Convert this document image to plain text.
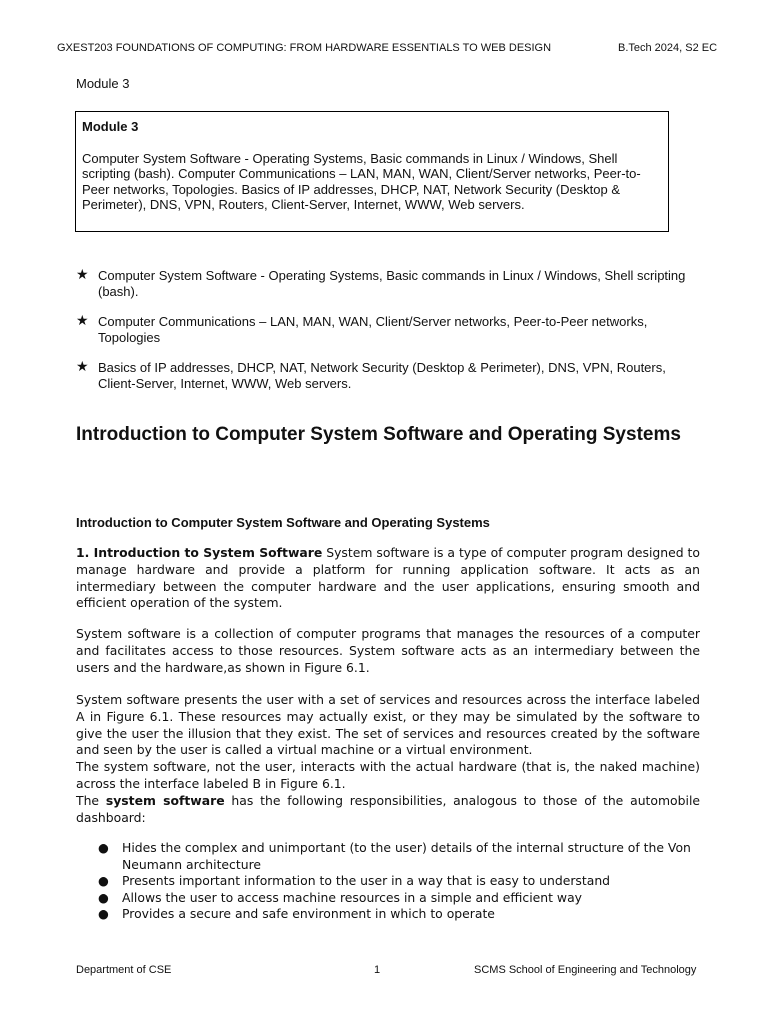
GXEST203 FOUNDATIONS OF COMPUTING: FROM HARDWARE ESSENTIALS TO WEB DESIGN	B.Tech 2024, S2 EC
Module 3
Module 3
Computer System Software - Operating Systems, Basic commands in Linux / Windows, Shell scripting (bash). Computer Communications – LAN, MAN, WAN, Client/Server networks, Peer-to-Peer networks, Topologies. Basics of IP addresses, DHCP, NAT, Network Security (Desktop & Perimeter), DNS, VPN, Routers, Client-Server, Internet, WWW, Web servers.
★ Computer System Software - Operating Systems, Basic commands in Linux / Windows, Shell scripting (bash).
★ Computer Communications – LAN, MAN, WAN, Client/Server networks, Peer-to-Peer networks, Topologies
★ Basics of IP addresses, DHCP, NAT, Network Security (Desktop & Perimeter), DNS, VPN, Routers, Client-Server, Internet, WWW, Web servers.
Introduction to Computer System Software and Operating Systems
Introduction to Computer System Software and Operating Systems

1. Introduction to System Software System software is a type of computer program designed to manage hardware and provide a platform for running application software. It acts as an intermediary between the computer hardware and the user applications, ensuring smooth and efficient operation of the system.

System software is a collection of computer programs that manages the resources of a computer and facilitates access to those resources. System software acts as an intermediary between the users and the hardware,as shown in Figure 6.1.

System software presents the user with a set of services and resources across the interface labeled A in Figure 6.1. These resources may actually exist, or they may be simulated by the software to give the user the illusion that they exist. The set of services and resources created by the software and seen by the user is called a virtual machine or a virtual environment.
The system software, not the user, interacts with the actual hardware (that is, the naked machine) across the interface labeled B in Figure 6.1.
The system software has the following responsibilities, analogous to those of the automobile dashboard:
● Hides the complex and unimportant (to the user) details of the internal structure of the Von Neumann architecture
● Presents important information to the user in a way that is easy to understand
● Allows the user to access machine resources in a simple and efficient way
● Provides a secure and safe environment in which to operate
Department of CSE	1	SCMS School of Engineering and Technology
